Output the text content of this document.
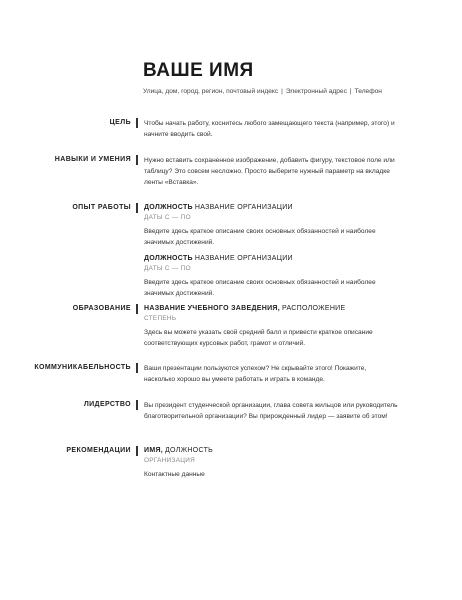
ВАШЕ ИМЯ
Улица, дом, город, регион, почтовый индекс | Электронный адрес | Телефон
ЦЕЛЬ Чтобы начать работу, коснитесь любого замещающего текста (например, этого) и начните вводить свой.

НАВЫКИ И УМЕНИЯ Нужно вставить сохраненное изображение, добавить фигуру, текстовое поле или таблицу? Это совсем несложно. Просто выберите нужный параметр на вкладке ленты «Вставка».

ОПЫТ РАБОТЫ ДОЛЖНОСТЬ НАЗВАНИЕ ОРГАНИЗАЦИИ

ДАТЫ С — ПО

Введите здесь краткое описание своих основных обязанностей и наиболее значимых достижений.

ДОЛЖНОСТЬ НАЗВАНИЕ ОРГАНИЗАЦИИ

ДАТЫ С — ПО

Введите здесь краткое описание своих основных обязанностей и наиболее значимых достижений.

ОБРАЗОВАНИЕ НАЗВАНИЕ УЧЕБНОГО ЗАВЕДЕНИЯ, РАСПОЛОЖЕНИЕ

СТЕПЕНЬ

Здесь вы можете указать свой средний балл и привести краткое описание соответствующих курсовых работ, грамот и отличий.

КОММУНИКАБЕЛЬНОСТЬ Ваши презентации пользуются успехом? Не скрывайте этого! Покажите, насколько хорошо вы умеете работать и играть в команде.

ЛИДЕРСТВО Вы президент студенческой организации, глава совета жильцов или руководитель благотворительной организации? Вы прирожденный лидер — заявите об этом!

РЕКОМЕНДАЦИИ ИМЯ, ДОЛЖНОСТЬ

ОРГАНИЗАЦИЯ

Контактные данные
